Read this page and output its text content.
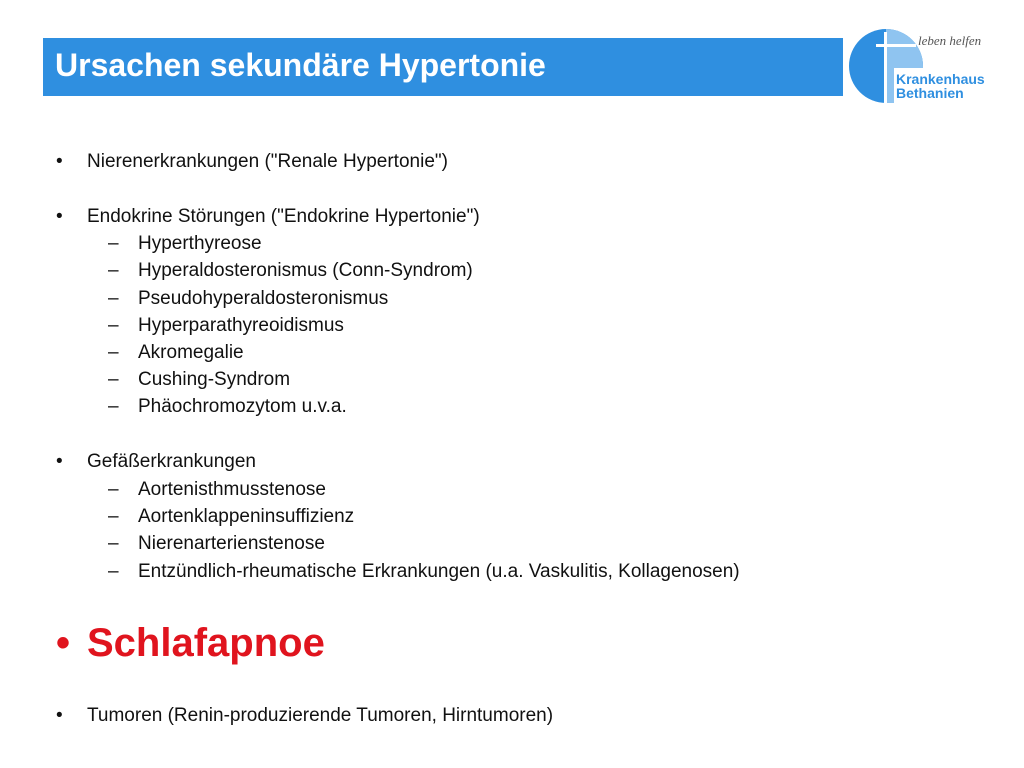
Ursachen sekundäre Hypertonie
leben helfen
Krankenhaus
Bethanien
•	Nierenerkrankungen ("Renale Hypertonie")
•	Endokrine Störungen ("Endokrine Hypertonie")
– Hyperthyreose
– Hyperaldosteronismus (Conn-Syndrom)
– Pseudohyperaldosteronismus
– Hyperparathyreoidismus
– Akromegalie
– Cushing-Syndrom
– Phäochromozytom u.v.a.
•	Gefäßerkrankungen
– Aortenisthmusstenose
– Aortenklappeninsuffizienz
– Nierenarterienstenose
– Entzündlich-rheumatische Erkrankungen (u.a. Vaskulitis, Kollagenosen)
• Schlafapnoe
•	Tumoren (Renin-produzierende Tumoren, Hirntumoren)
